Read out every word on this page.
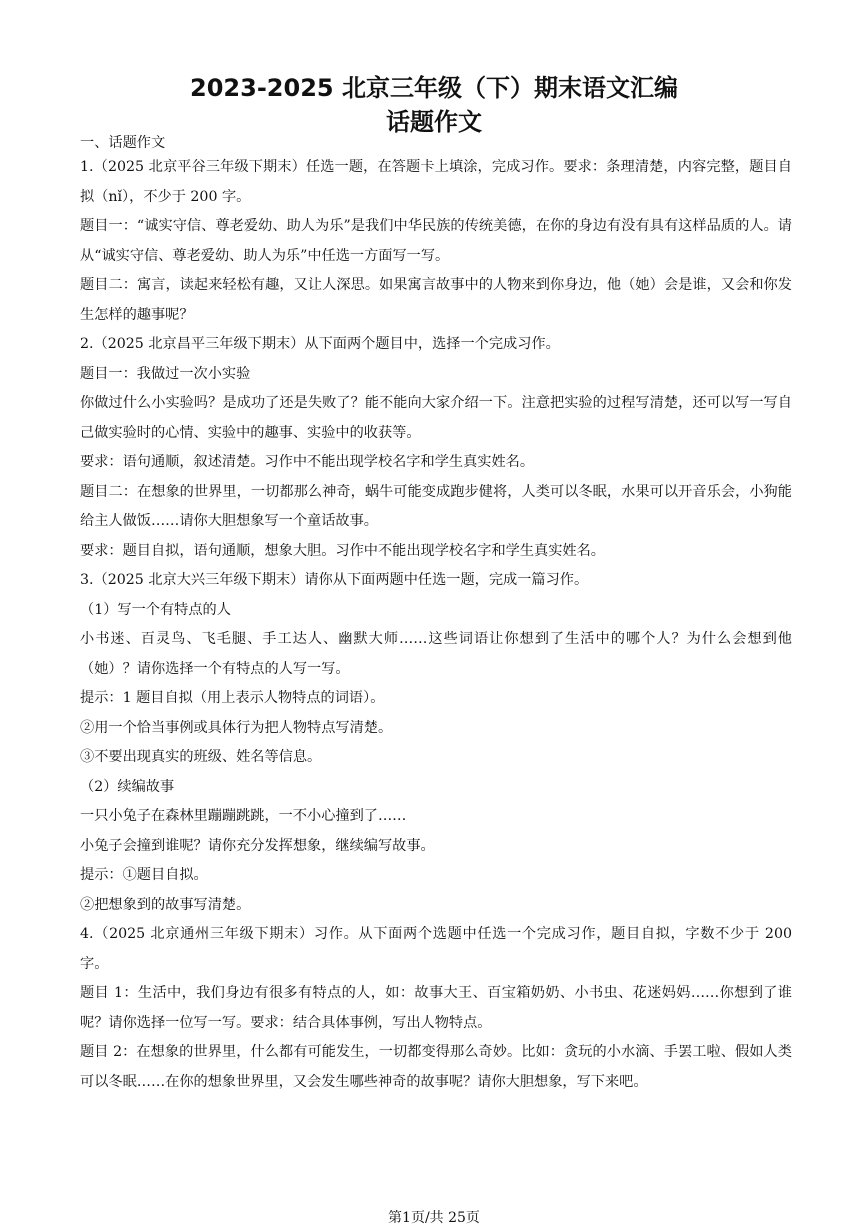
2023-2025 北京三年级（下）期末语文汇编
话题作文

一、话题作文

1.（2025 北京平谷三年级下期末）任选一题，在答题卡上填涂，完成习作。要求：条理清楚，内容完整，题目自拟（nǐ），不少于 200 字。

题目一：“诚实守信、尊老爱幼、助人为乐”是我们中华民族的传统美德，在你的身边有没有具有这样品质的人。请从“诚实守信、尊老爱幼、助人为乐”中任选一方面写一写。

题目二：寓言，读起来轻松有趣，又让人深思。如果寓言故事中的人物来到你身边，他（她）会是谁，又会和你发生怎样的趣事呢？

2.（2025 北京昌平三年级下期末）从下面两个题目中，选择一个完成习作。

题目一：我做过一次小实验

你做过什么小实验吗？是成功了还是失败了？能不能向大家介绍一下。注意把实验的过程写清楚，还可以写一写自己做实验时的心情、实验中的趣事、实验中的收获等。

要求：语句通顺，叙述清楚。习作中不能出现学校名字和学生真实姓名。

题目二：在想象的世界里，一切都那么神奇，蜗牛可能变成跑步健将，人类可以冬眠，水果可以开音乐会，小狗能给主人做饭……请你大胆想象写一个童话故事。

要求：题目自拟，语句通顺，想象大胆。习作中不能出现学校名字和学生真实姓名。

3.（2025 北京大兴三年级下期末）请你从下面两题中任选一题，完成一篇习作。

（1）写一个有特点的人

小书迷、百灵鸟、飞毛腿、手工达人、幽默大师……这些词语让你想到了生活中的哪个人？为什么会想到他（她）？请你选择一个有特点的人写一写。

提示：1 题目自拟（用上表示人物特点的词语）。

②用一个恰当事例或具体行为把人物特点写清楚。

③不要出现真实的班级、姓名等信息。

（2）续编故事

一只小兔子在森林里蹦蹦跳跳，一不小心撞到了……

小兔子会撞到谁呢？请你充分发挥想象，继续编写故事。

提示：①题目自拟。

②把想象到的故事写清楚。

4.（2025 北京通州三年级下期末）习作。从下面两个选题中任选一个完成习作，题目自拟，字数不少于 200 字。

题目 1：生活中，我们身边有很多有特点的人，如：故事大王、百宝箱奶奶、小书虫、花迷妈妈……你想到了谁呢？请你选择一位写一写。要求：结合具体事例，写出人物特点。

题目 2：在想象的世界里，什么都有可能发生，一切都变得那么奇妙。比如：贪玩的小水滴、手罢工啦、假如人类可以冬眠……在你的想象世界里，又会发生哪些神奇的故事呢？请你大胆想象，写下来吧。

第1页/共 25页
